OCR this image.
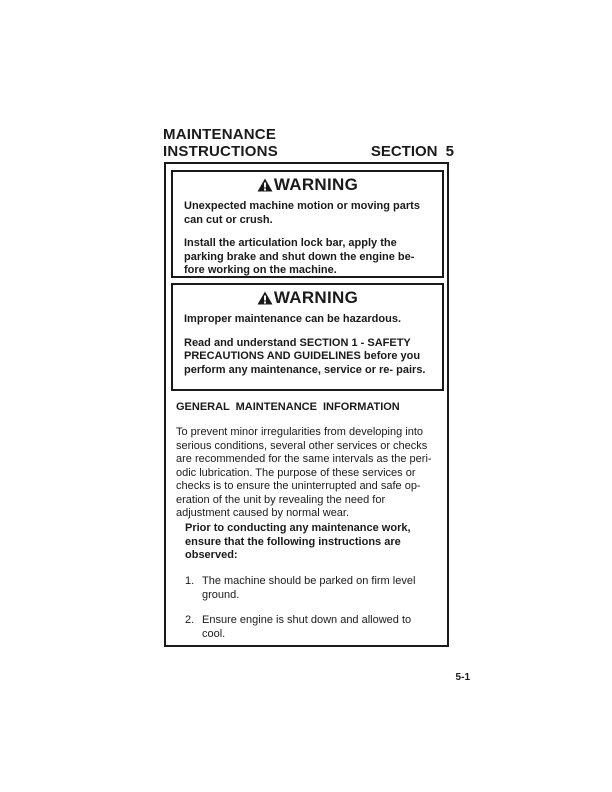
MAINTENANCE
INSTRUCTIONS	SECTION 5
WARNING
Unexpected machine motion or moving parts can cut or crush.
Install the articulation lock bar, apply the parking brake and shut down the engine be- fore working on the machine.
WARNING
Improper maintenance can be hazardous.
Read and understand SECTION 1 - SAFETY PRECAUTIONS AND GUIDELINES before you perform any maintenance, service or re- pairs.
GENERAL MAINTENANCE INFORMATION
To prevent minor irregularities from developing into serious conditions, several other services or checks are recommended for the same intervals as the peri- odic lubrication. The purpose of these services or checks is to ensure the uninterrupted and safe op- eration of the unit by revealing the need for adjustment caused by normal wear.
Prior to conducting any maintenance work, ensure that the following instructions are observed:
1. The machine should be parked on firm level ground.
2. Ensure engine is shut down and allowed to cool.
5-1
